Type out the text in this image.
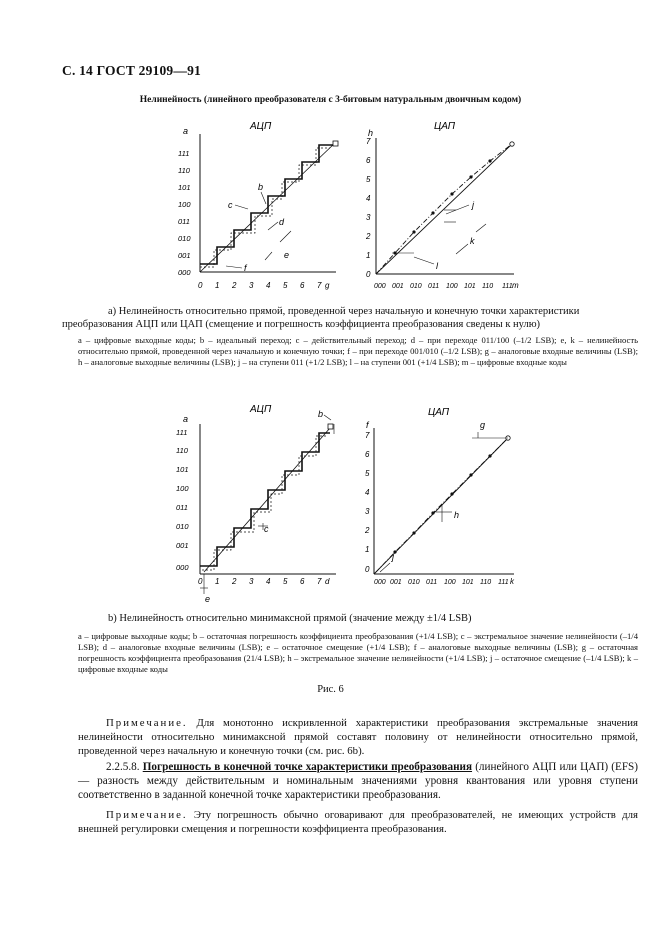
С. 14 ГОСТ 29109—91
Нелинейность (линейного преобразователя с 3-битовым натуральным двоичным кодом)
АЦП
a
000
001
010
011
100
101
110
111
0 1 2 3 4 5 6 7 g
b
c
d
e
f
ЦАП
h
0
1
2
3
4
5
6
7
000 001 010 011 100 101 110 111 m
j
k
l
а) Нелинейность относительно прямой, проведенной через начальную и конечную точки характеристики преобразования АЦП или ЦАП (смещение и погрешность коэффициента преобразования сведены к нулю)
а – цифровые выходные коды; b – идеальный переход; c – действительный переход; d – при переходе 011/100 (–1/2 LSB); e, k – нелинейность относительно прямой, проведенной через начальную и конечную точки; f – при переходе 001/010 (–1/2 LSB); g – аналоговые входные величины (LSB); h – аналоговые выходные величины (LSB); j – на ступени 011 (+1/2 LSB); l – на ступени 001 (+1/4 LSB); m – цифровые входные коды
АЦП
a
000
001
010
011
100
101
110
111
0 1 2 3 4 5 6 7 d
b
c
e
ЦАП
f
0
1
2
3
4
5
6
7
000 001 010 011 100 101 110 111 k
g
h
j
b) Нелинейность относительно минимаксной прямой (значение между ±1/4 LSB)
а – цифровые выходные коды; b – остаточная погрешность коэффициента преобразования (+1/4 LSB); c – экстремальное значение нелинейности (–1/4 LSB); d – аналоговые входные величины (LSB); e – остаточное смещение (+1/4 LSB); f – аналоговые выходные величины (LSB); g – остаточная погрешность коэффициента преобразования (21/4 LSB); h – экстремальное значение нелинейности (+1/4 LSB); j – остаточное смещение (–1/4 LSB); k – цифровые входные коды
Рис. 6
Примечание. Для монотонно искривленной характеристики преобразования экстремальные значения нелинейности относительно минимаксной прямой составят половину от нелинейности относительно прямой, проведенной через начальную и конечную точки (см. рис. 6b).
2.2.5.8. Погрешность в конечной точке характеристики преобразования (линейного АЦП или ЦАП) (EFS) — разность между действительным и номинальным значениями уровня квантования или уровня ступени соответственно в заданной конечной точке характеристики преобразования.
Примечание. Эту погрешность обычно оговаривают для преобразователей, не имеющих устройств для внешней регулировки смещения и погрешности коэффициента преобразования.
